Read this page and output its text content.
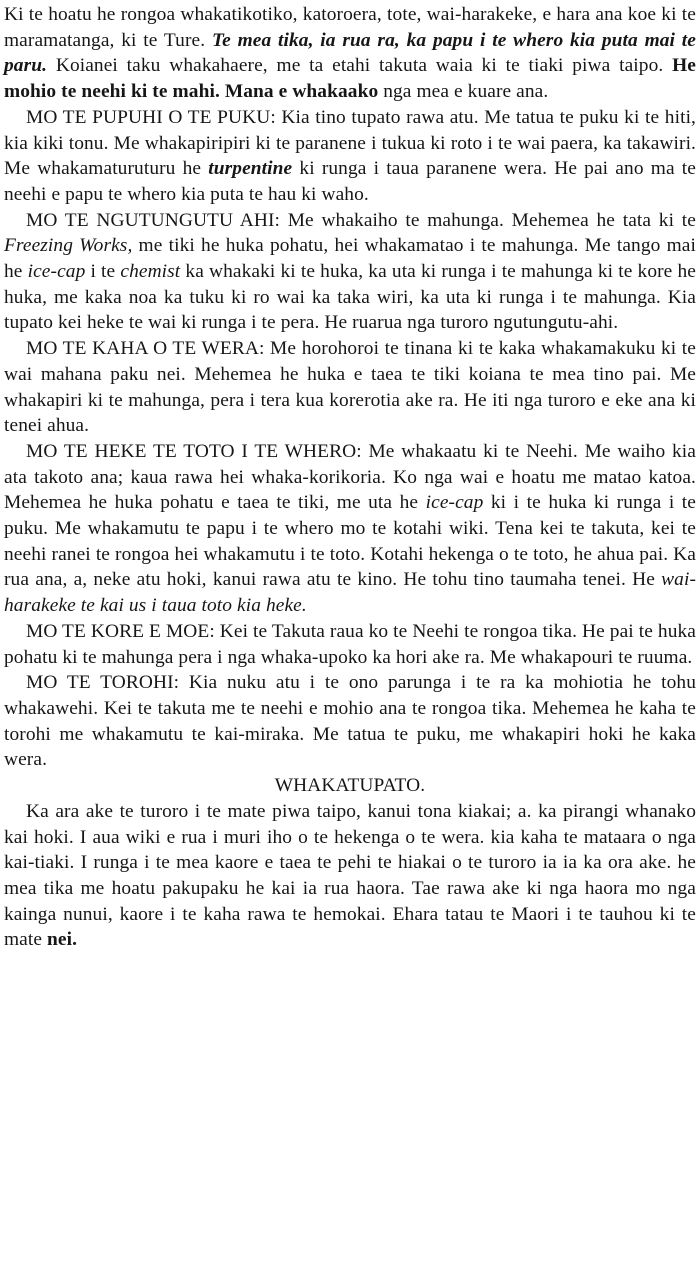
Ki te hoatu he rongoa whakatikotiko, katoroera, tote, wai-harakeke, e hara ana koe ki te maramatanga, ki te Ture. Te mea tika, ia rua ra, ka papu i te whero kia puta mai te paru. Koianei taku whakahaere, me ta etahi takuta waia ki te tiaki piwa taipo. He mohio te neehi ki te mahi. Mana e whakaako nga mea e kuare ana.

MO TE PUPUHI O TE PUKU: Kia tino tupato rawa atu. Me tatua te puku ki te hiti, kia kiki tonu. Me whakapiripiri ki te paranene i tukua ki roto i te wai paera, ka takawiri. Me whakamaturuturu he turpentine ki runga i taua paranene wera. He pai ano ma te neehi e papu te whero kia puta te hau ki waho.

MO TE NGUTUNGUTU AHI: Me whakaiho te mahunga. Mehemea he tata ki te Freezing Works, me tiki he huka pohatu, hei whakamatao i te mahunga. Me tango mai he ice-cap i te chemist ka whakaki ki te huka, ka uta ki runga i te mahunga ki te kore he huka, me kaka noa ka tuku ki ro wai ka taka wiri, ka uta ki runga i te mahunga. Kia tupato kei heke te wai ki runga i te pera. He ruarua nga turoro ngutungutu-ahi.

MO TE KAHA O TE WERA: Me horohoroi te tinana ki te kaka whakamakuku ki te wai mahana paku nei. Mehemea he huka e taea te tiki koiana te mea tino pai. Me whakapiri ki te mahunga, pera i tera kua korerotia ake ra. He iti nga turoro e eke ana ki tenei ahua.

MO TE HEKE TE TOTO I TE WHERO: Me whakaatu ki te Neehi. Me waiho kia ata takoto ana; kaua rawa hei whaka-korikoria. Ko nga wai e hoatu me matao katoa. Mehemea he huka pohatu e taea te tiki, me uta he ice-cap ki i te huka ki runga i te puku. Me whakamutu te papu i te whero mo te kotahi wiki. Tena kei te takuta, kei te neehi ranei te rongoa hei whakamutu i te toto. Kotahi hekenga o te toto, he ahua pai. Ka rua ana, a, neke atu hoki, kanui rawa atu te kino. He tohu tino taumaha tenei. He wai-harakeke te kai us i taua toto kia heke.

MO TE KORE E MOE: Kei te Takuta raua ko te Neehi te rongoa tika. He pai te huka pohatu ki te mahunga pera i nga whaka-upoko ka hori ake ra. Me whakapouri te ruuma.

MO TE TOROHI: Kia nuku atu i te ono parunga i te ra ka mohiotia he tohu whakawehi. Kei te takuta me te neehi e mohio ana te rongoa tika. Mehemea he kaha te torohi me whakamutu te kai-miraka. Me tatua te puku, me whakapiri hoki he kaka wera.

WHAKATUPATO.

Ka ara ake te turoro i te mate piwa taipo, kanui tona kiakai; a. ka pirangi whanako kai hoki. I aua wiki e rua i muri iho o te hekenga o te wera. kia kaha te mataara o nga kai-tiaki. I runga i te mea kaore e taea te pehi te hiakai o te turoro ia ia ka ora ake. he mea tika me hoatu pakupaku he kai ia rua haora. Tae rawa ake ki nga haora mo nga kainga nunui, kaore i te kaha rawa te hemokai. Ehara tatau te Maori i te tauhou ki te mate nei.
